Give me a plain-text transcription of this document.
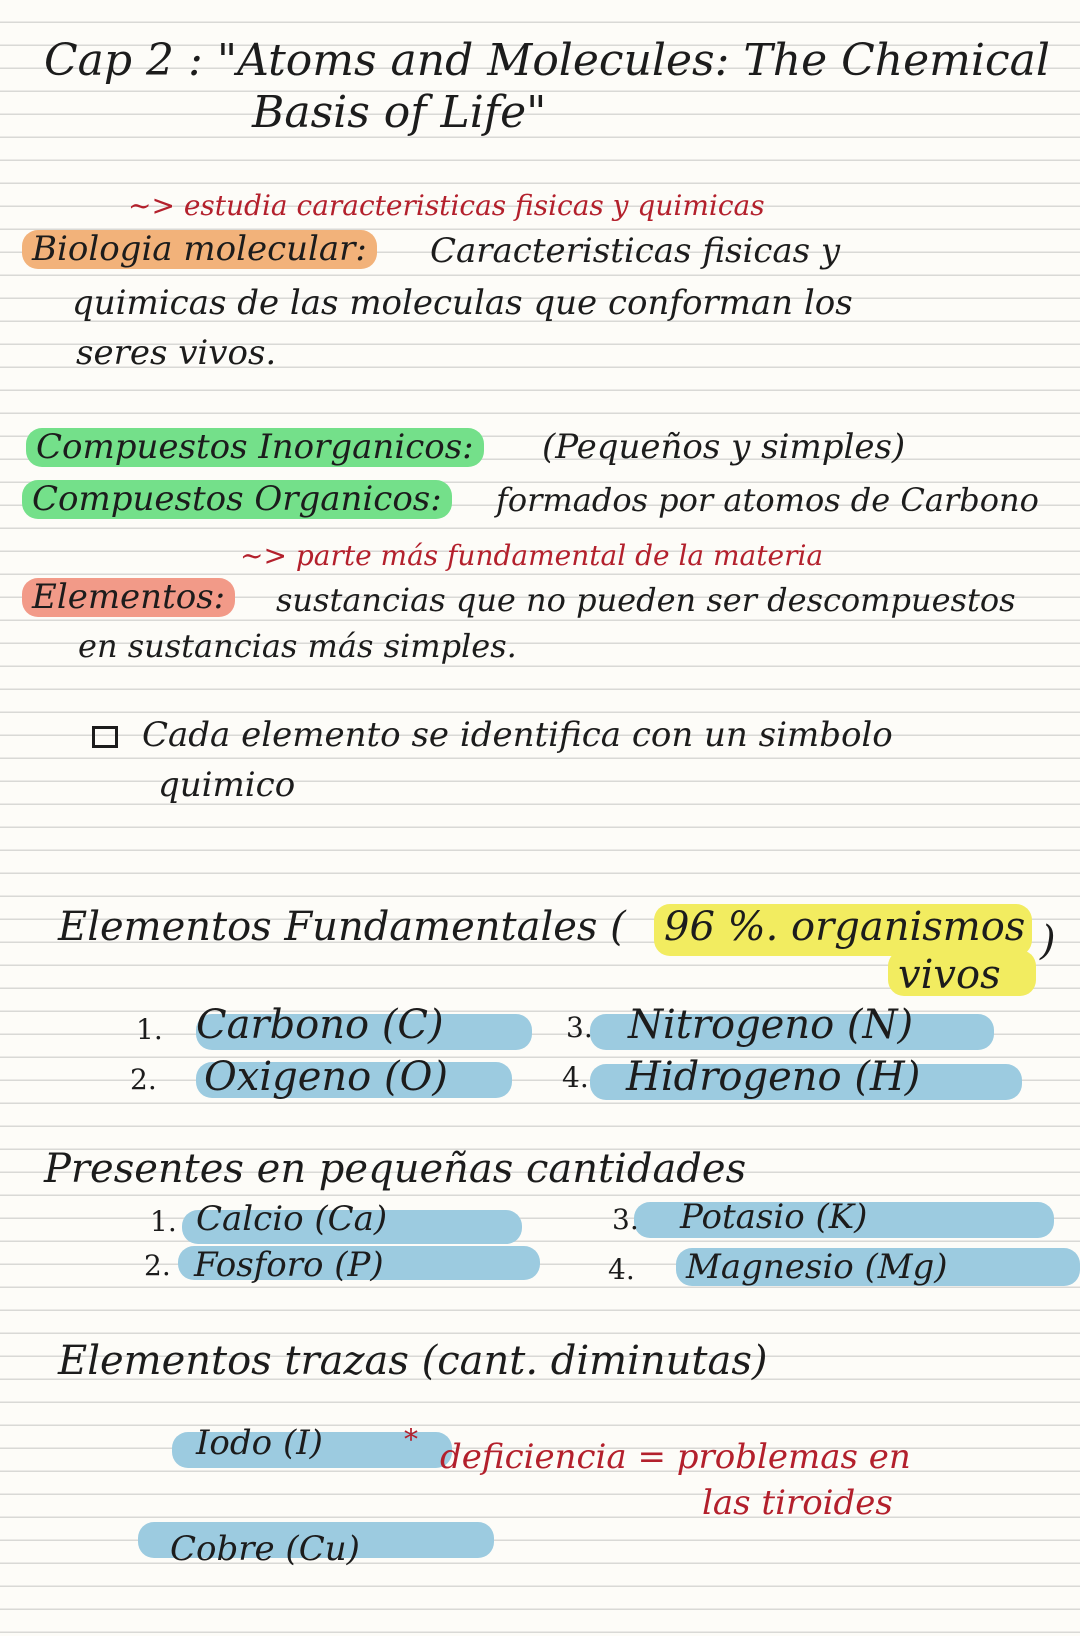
Cap 2 : "Atoms and Molecules: The Chemical
Basis of Life"
~> estudia caracteristicas fisicas y quimicas
Biologia molecular: Caracteristicas fisicas y
quimicas de las moleculas que conforman los
seres vivos.
Compuestos Inorganicos: (Pequeños y simples)
Compuestos Organicos:	formados por atomos de Carbono
~> parte más fundamental de la materia
Elementos:	sustancias que no pueden ser descompuestos
en sustancias más simples.
Cada elemento se identifica con un simbolo
quimico
Elementos Fundamentales ( 96 %. organismos
vivos
)
1. Carbono (C)
2. Oxigeno (O)
3. Nitrogeno (N)
4. Hidrogeno (H)
Presentes en pequeñas cantidades
1. Calcio (Ca)
2. Fosforo (P)
3. Potasio (K)
4. Magnesio (Mg)
Elementos trazas (cant. diminutas)
Iodo (I)	* deficiencia = problemas en
las tiroides
Cobre (Cu)
